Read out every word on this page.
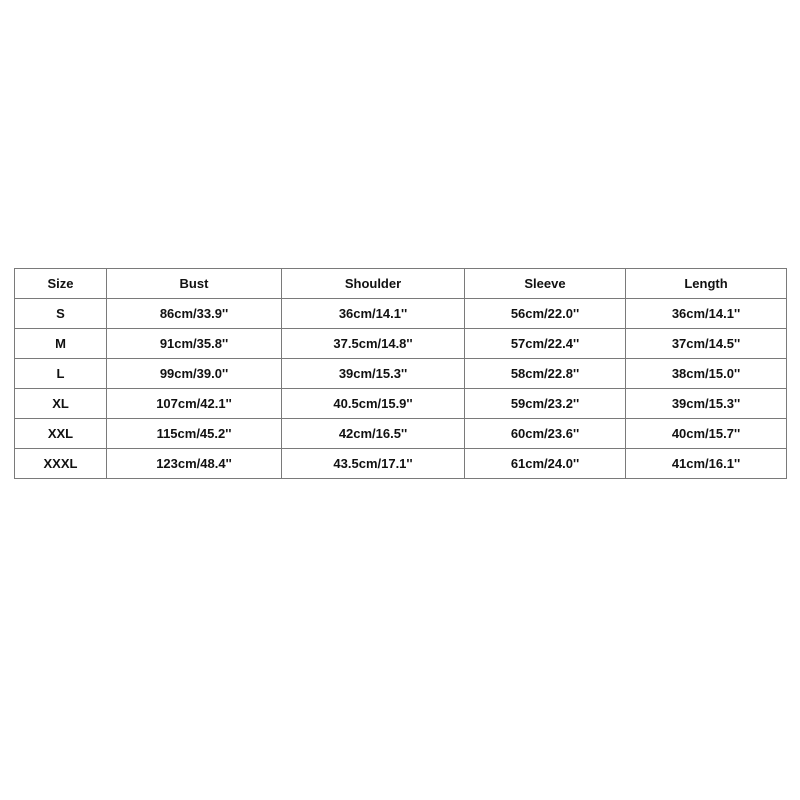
Size	Bust	Shoulder	Sleeve	Length
S	86cm/33.9''	36cm/14.1''	56cm/22.0''	36cm/14.1''
M	91cm/35.8''	37.5cm/14.8''	57cm/22.4''	37cm/14.5''
L	99cm/39.0''	39cm/15.3''	58cm/22.8''	38cm/15.0''
XL	107cm/42.1''	40.5cm/15.9''	59cm/23.2''	39cm/15.3''
XXL	115cm/45.2''	42cm/16.5''	60cm/23.6''	40cm/15.7''
XXXL	123cm/48.4''	43.5cm/17.1''	61cm/24.0''	41cm/16.1''
